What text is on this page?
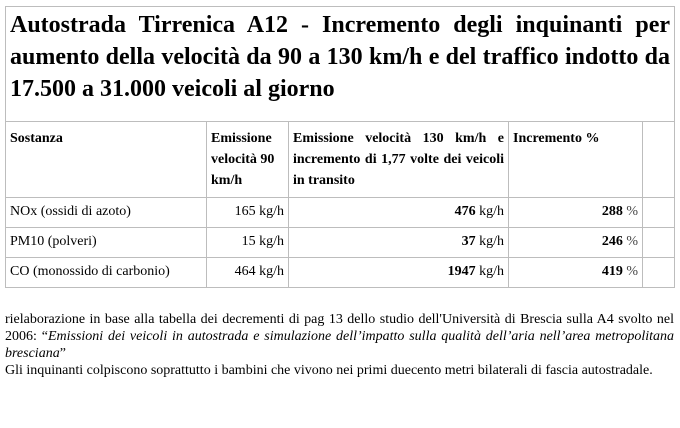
Autostrada Tirrenica A12 - Incremento degli inquinanti per aumento della velocità da 90 a 130 km/h e del traffico indotto da 17.500 a 31.000 veicoli al giorno				

Sostanza	Emissione velocità 90 km/h	Emissione velocità 130 km/h e incremento di 1,77 volte dei veicoli in transito	Incremento %	
NOx (ossidi di azoto)	165 kg/h	476 kg/h	288 %	
PM10 (polveri)	15 kg/h	37 kg/h	246 %	
CO (monossido di carbonio)	464 kg/h	1947 kg/h	419 %	

rielaborazione in base alla tabella dei decrementi di pag 13 dello studio dell'Università di Brescia sulla A4 svolto nel 2006: “Emissioni dei veicoli in autostrada e simulazione dell’impatto sulla qualità dell’aria nell’area metropolitana bresciana”

Gli inquinanti colpiscono soprattutto i bambini che vivono nei primi duecento metri bilaterali di fascia autostradale.
